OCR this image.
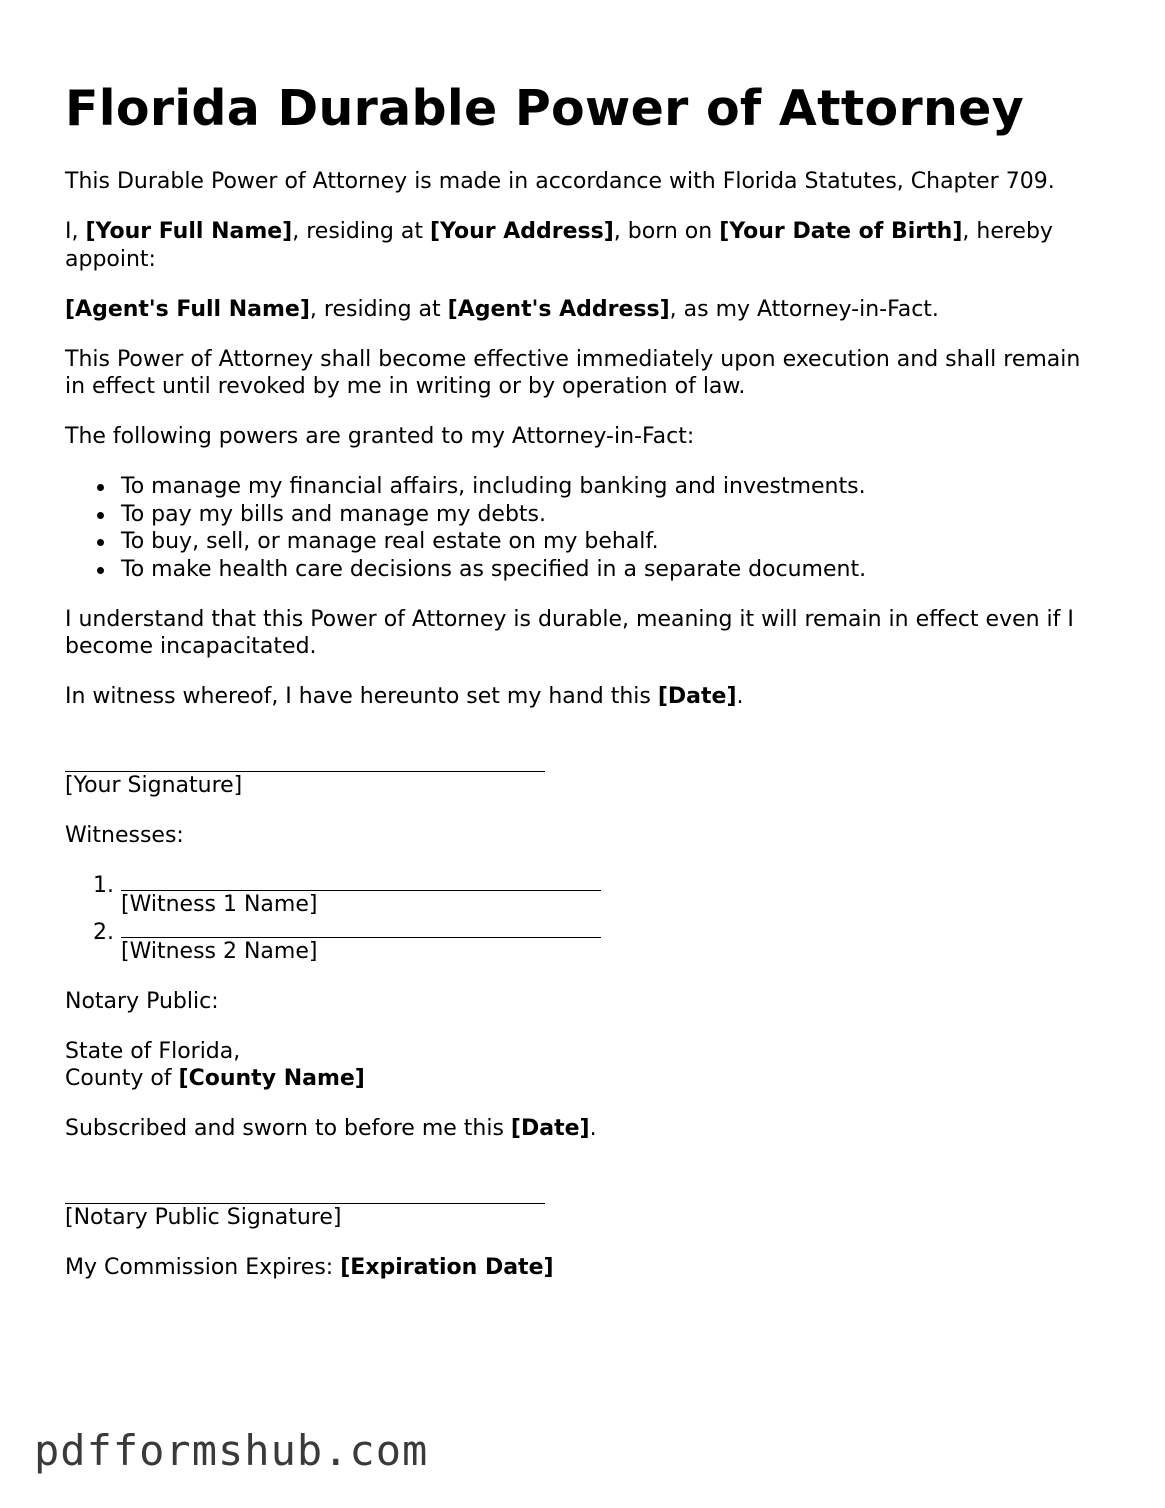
Florida Durable Power of Attorney

This Durable Power of Attorney is made in accordance with Florida Statutes, Chapter 709.

I, [Your Full Name], residing at [Your Address], born on [Your Date of Birth], hereby appoint:

[Agent's Full Name], residing at [Agent's Address], as my Attorney-in-Fact.

This Power of Attorney shall become effective immediately upon execution and shall remain in effect until revoked by me in writing or by operation of law.

The following powers are granted to my Attorney-in-Fact:

To manage my financial affairs, including banking and investments.
To pay my bills and manage my debts.
To buy, sell, or manage real estate on my behalf.
To make health care decisions as specified in a separate document.

I understand that this Power of Attorney is durable, meaning it will remain in effect even if I become incapacitated.

In witness whereof, I have hereunto set my hand this [Date].

[Your Signature]

Witnesses:

1.
[Witness 1 Name]
2.
[Witness 2 Name]

Notary Public:

State of Florida,
County of [County Name]

Subscribed and sworn to before me this [Date].

[Notary Public Signature]

My Commission Expires: [Expiration Date]

pdfformshub.com
